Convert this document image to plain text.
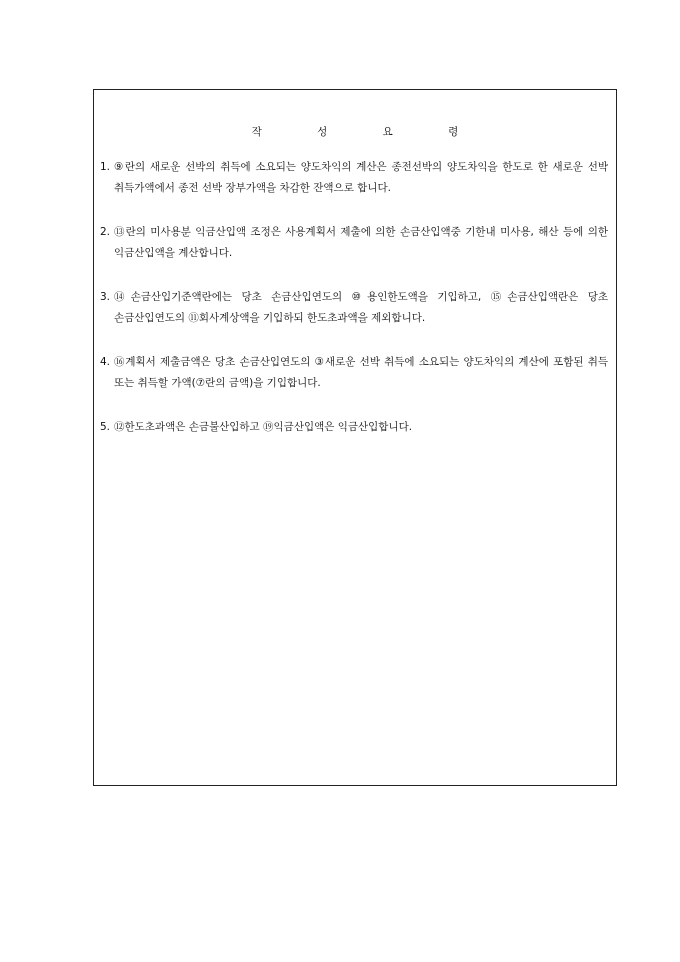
작 성 요 령
1. ⑨란의 새로운 선박의 취득에 소요되는 양도차익의 계산은 종전선박의 양도차익을 한도로 한 새로운 선박 취득가액에서 종전 선박 장부가액을 차감한 잔액으로 합니다.
2. ⑬란의 미사용분 익금산입액 조정은 사용계획서 제출에 의한 손금산입액중 기한내 미사용, 해산 등에 의한 익금산입액을 계산합니다.
3. ⑭손금산입기준액란에는 당초 손금산입연도의 ⑩용인한도액을 기입하고, ⑮손금산입액란은 당초 손금산입연도의 ⑪회사계상액을 기입하되 한도초과액을 제외합니다.
4. ⑯계획서 제출금액은 당초 손금산입연도의 ③새로운 선박 취득에 소요되는 양도차익의 계산에 포함된 취득 또는 취득할 가액(⑦란의 금액)을 기입합니다.
5. ⑫한도초과액은 손금불산입하고 ⑲익금산입액은 익금산입합니다.
